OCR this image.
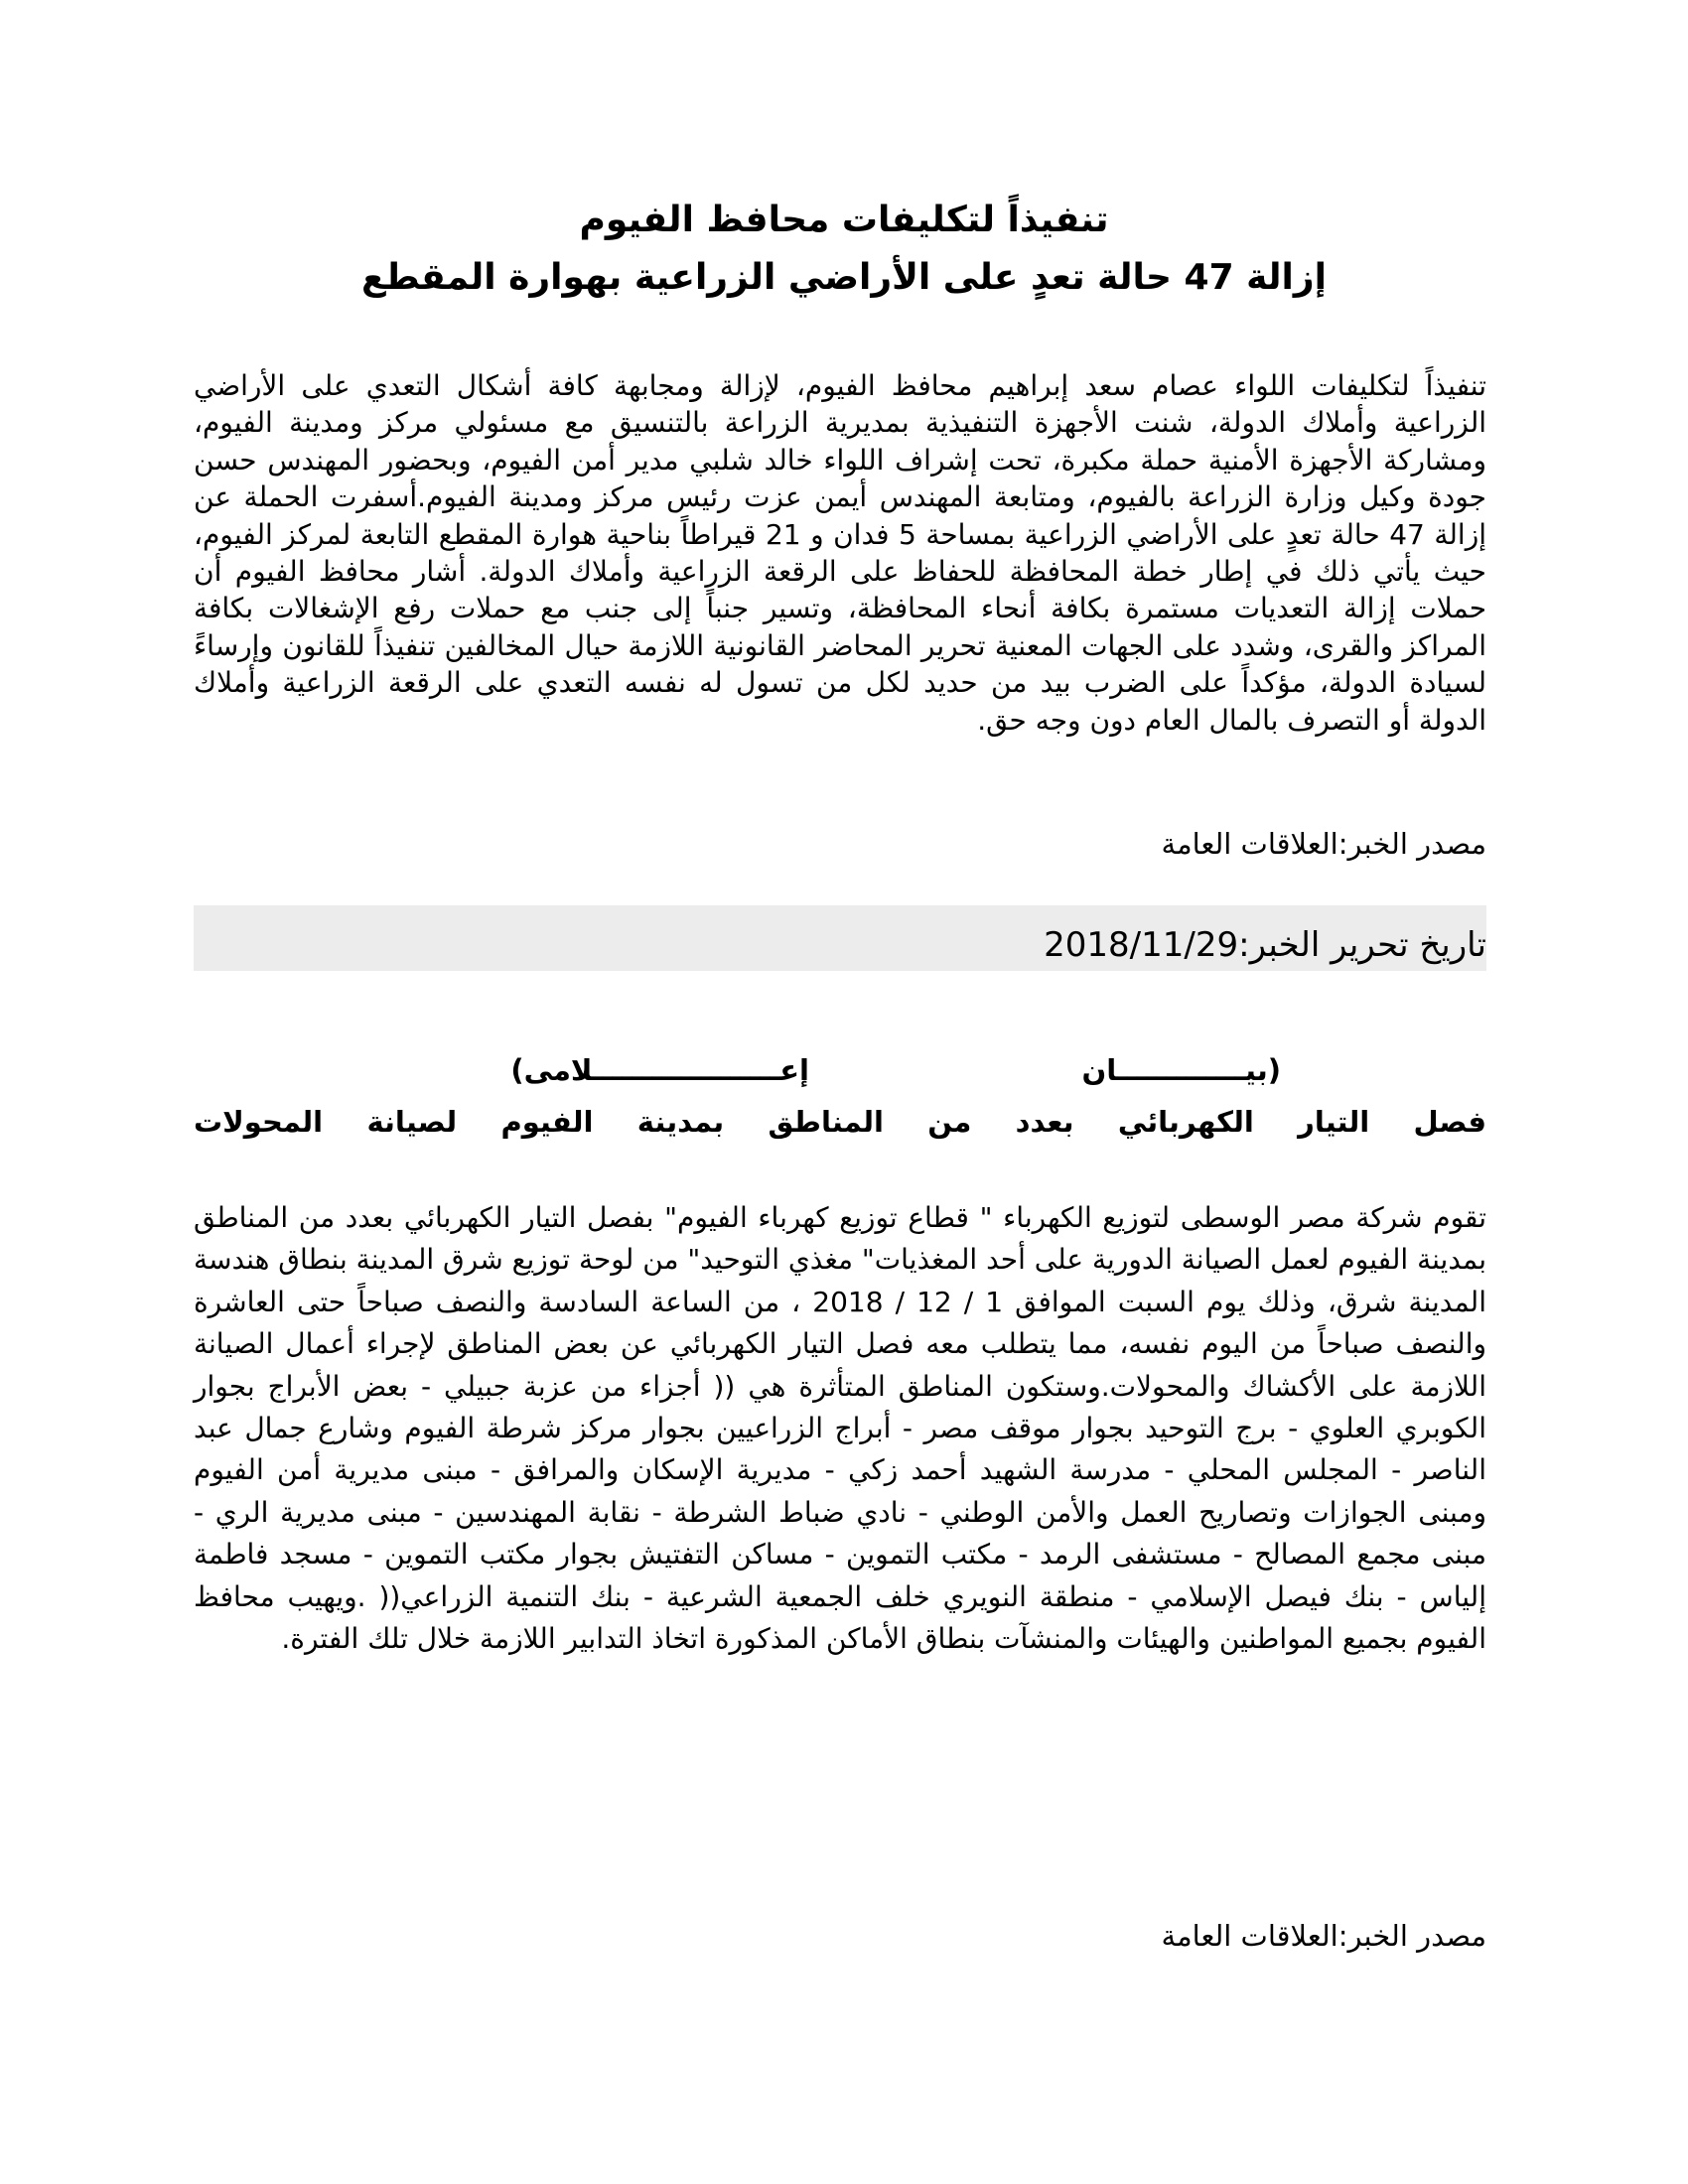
تنفيذاً لتكليفات محافظ الفيوم
إزالة 47 حالة تعدٍ على الأراضي الزراعية بهوارة المقطع
تنفيذاً لتكليفات اللواء عصام سعد إبراهيم محافظ الفيوم، لإزالة ومجابهة كافة أشكال التعدي على الأراضي الزراعية وأملاك الدولة، شنت الأجهزة التنفيذية بمديرية الزراعة بالتنسيق مع مسئولي مركز ومدينة الفيوم، ومشاركة الأجهزة الأمنية حملة مكبرة، تحت إشراف اللواء خالد شلبي مدير أمن الفيوم، وبحضور المهندس حسن جودة وكيل وزارة الزراعة بالفيوم، ومتابعة المهندس أيمن عزت رئيس مركز ومدينة الفيوم.أسفرت الحملة عن إزالة 47 حالة تعدٍ على الأراضي الزراعية بمساحة 5 فدان و 21 قيراطاً بناحية هوارة المقطع التابعة لمركز الفيوم، حيث يأتي ذلك في إطار خطة المحافظة للحفاظ على الرقعة الزراعية وأملاك الدولة. أشار محافظ الفيوم أن حملات إزالة التعديات مستمرة بكافة أنحاء المحافظة، وتسير جنباً إلى جنب مع حملات رفع الإشغالات بكافة المراكز والقرى، وشدد على الجهات المعنية تحرير المحاضر القانونية اللازمة حيال المخالفين تنفيذاً للقانون وإرساءً لسيادة الدولة، مؤكداً على الضرب بيد من حديد لكل من تسول له نفسه التعدي على الرقعة الزراعية وأملاك الدولة أو التصرف بالمال العام دون وجه حق.
مصدر الخبر:العلاقات العامة
تاريخ تحرير الخبر:2018/11/29
(بيـــــــــــــان
إعـــــــــــــــــــلامى)
فصل
التيار
الكهربائي
بعدد
من
المناطق
بمدينة
الفيوم
لصيانة
المحولات
تقوم شركة مصر الوسطى لتوزيع الكهرباء " قطاع توزيع كهرباء الفيوم" بفصل التيار الكهربائي بعدد من المناطق بمدينة الفيوم لعمل الصيانة الدورية على أحد المغذيات" مغذي التوحيد" من لوحة توزيع شرق المدينة بنطاق هندسة المدينة شرق، وذلك يوم السبت الموافق 1 / 12 / 2018 ، من الساعة السادسة والنصف صباحاً حتى العاشرة والنصف صباحاً من اليوم نفسه، مما يتطلب معه فصل التيار الكهربائي عن بعض المناطق لإجراء أعمال الصيانة اللازمة على الأكشاك والمحولات.وستكون المناطق المتأثرة هي (( أجزاء من عزبة جبيلي - بعض الأبراج بجوار الكوبري العلوي - برج التوحيد بجوار موقف مصر - أبراج الزراعيين بجوار مركز شرطة الفيوم وشارع جمال عبد الناصر - المجلس المحلي - مدرسة الشهيد أحمد زكي - مديرية الإسكان والمرافق - مبنى مديرية أمن الفيوم ومبنى الجوازات وتصاريح العمل والأمن الوطني - نادي ضباط الشرطة - نقابة المهندسين - مبنى مديرية الري - مبنى مجمع المصالح - مستشفى الرمد - مكتب التموين - مساكن التفتيش بجوار مكتب التموين - مسجد فاطمة إلياس - بنك فيصل الإسلامي - منطقة النويري خلف الجمعية الشرعية - بنك التنمية الزراعي(( .ويهيب محافظ الفيوم بجميع المواطنين والهيئات والمنشآت بنطاق الأماكن المذكورة اتخاذ التدابير اللازمة خلال تلك الفترة.
مصدر الخبر:العلاقات العامة
